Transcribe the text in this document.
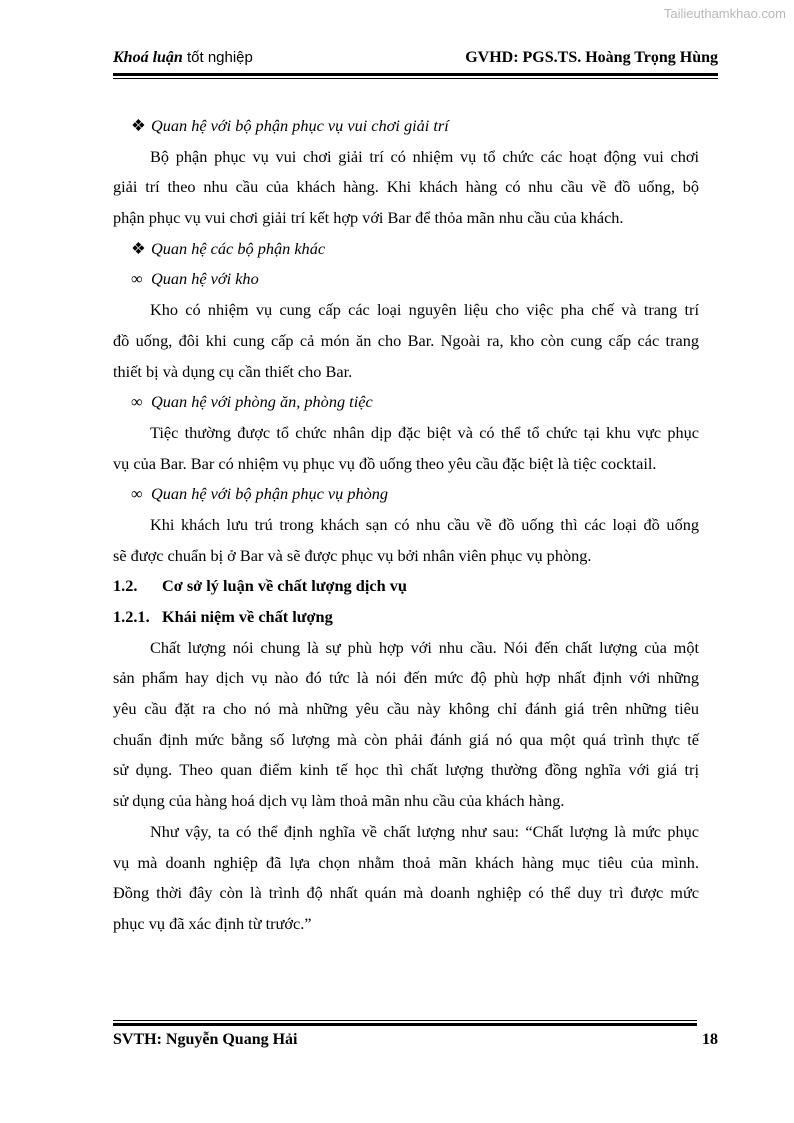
Tailieuthamkhao.com
Khoá luận tốt nghiệp	GVHD: PGS.TS. Hoàng Trọng Hùng
❖ Quan hệ với bộ phận phục vụ vui chơi giải trí
Bộ phận phục vụ vui chơi giải trí có nhiệm vụ tổ chức các hoạt động vui chơi
giải trí theo nhu cầu của khách hàng. Khi khách hàng có nhu cầu về đồ uống, bộ
phận phục vụ vui chơi giải trí kết hợp với Bar để thỏa mãn nhu cầu của khách.
❖ Quan hệ các bộ phận khác
∞ Quan hệ với kho
Kho có nhiệm vụ cung cấp các loại nguyên liệu cho việc pha chế và trang trí
đồ uống, đôi khi cung cấp cả món ăn cho Bar. Ngoài ra, kho còn cung cấp các trang
thiết bị và dụng cụ cần thiết cho Bar.
∞ Quan hệ với phòng ăn, phòng tiệc
Tiệc thường được tổ chức nhân dịp đặc biệt và có thể tổ chức tại khu vực phục
vụ của Bar. Bar có nhiệm vụ phục vụ đồ uống theo yêu cầu đặc biệt là tiệc cocktail.
∞ Quan hệ với bộ phận phục vụ phòng
Khi khách lưu trú trong khách sạn có nhu cầu về đồ uống thì các loại đồ uống
sẽ được chuẩn bị ở Bar và sẽ được phục vụ bởi nhân viên phục vụ phòng.
1.2. Cơ sở lý luận về chất lượng dịch vụ
1.2.1. Khái niệm về chất lượng
Chất lượng nói chung là sự phù hợp với nhu cầu. Nói đến chất lượng của một
sản phẩm hay dịch vụ nào đó tức là nói đến mức độ phù hợp nhất định với những
yêu cầu đặt ra cho nó mà những yêu cầu này không chỉ đánh giá trên những tiêu
chuẩn định mức bằng số lượng mà còn phải đánh giá nó qua một quá trình thực tế
sử dụng. Theo quan điểm kinh tế học thì chất lượng thường đồng nghĩa với giá trị
sử dụng của hàng hoá dịch vụ làm thoả mãn nhu cầu của khách hàng.
Như vậy, ta có thể định nghĩa về chất lượng như sau: “Chất lượng là mức phục
vụ mà doanh nghiệp đã lựa chọn nhằm thoả mãn khách hàng mục tiêu của mình.
Đồng thời đây còn là trình độ nhất quán mà doanh nghiệp có thể duy trì được mức
phục vụ đã xác định từ trước.”
SVTH: Nguyễn Quang Hải	18
